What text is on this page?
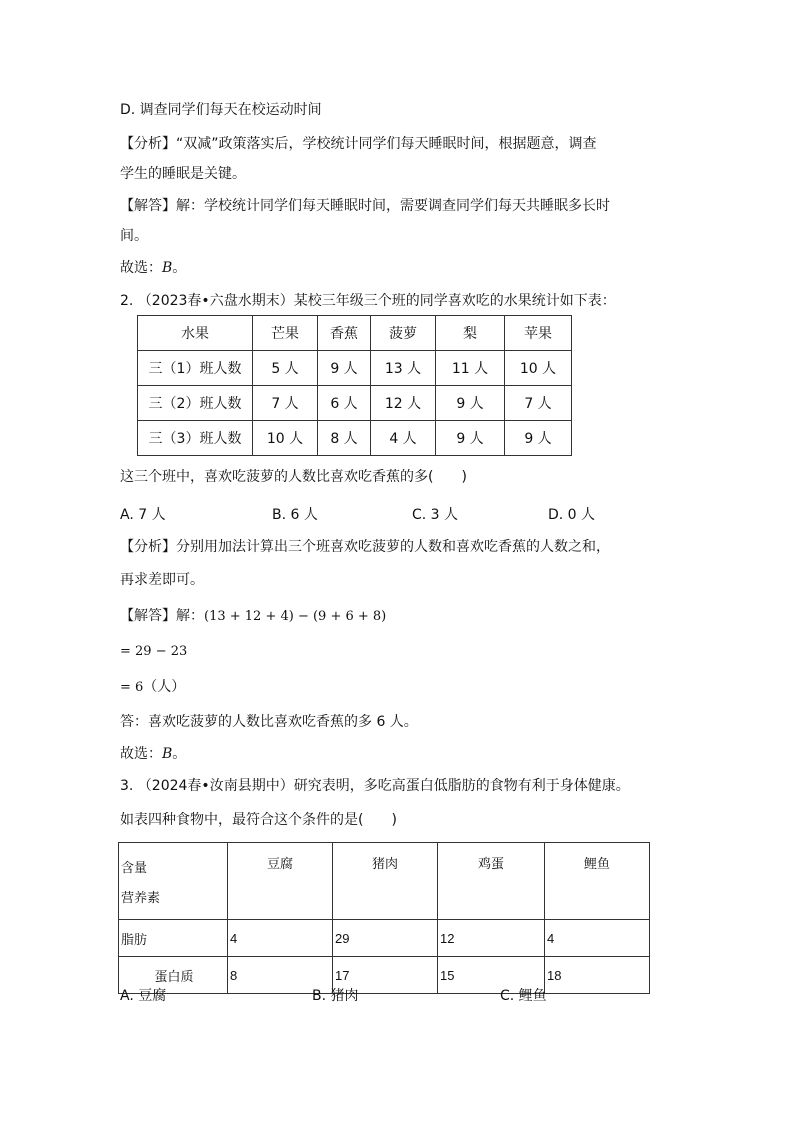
D. 调查同学们每天在校运动时间
【分析】“双减”政策落实后，学校统计同学们每天睡眠时间，根据题意，调查
学生的睡眠是关键。
【解答】解：学校统计同学们每天睡眠时间，需要调查同学们每天共睡眠多长时
间。
故选：B。
2. （2023春•六盘水期末）某校三年级三个班的同学喜欢吃的水果统计如下表：
水果	芒果	香蕉	菠萝	梨	苹果
三（1）班人数	5 人	9 人	13 人	11 人	10 人
三（2）班人数	7 人	6 人	12 人	9 人	7 人
三（3）班人数	10 人	8 人	4 人	9 人	9 人
这三个班中，喜欢吃菠萝的人数比喜欢吃香蕉的多(　　)
A. 7 人	B. 6 人	C. 3 人	D. 0 人
【分析】分别用加法计算出三个班喜欢吃菠萝的人数和喜欢吃香蕉的人数之和，
再求差即可。
【解答】解：(13 + 12 + 4) − (9 + 6 + 8)
= 29 − 23
= 6（人）
答：喜欢吃菠萝的人数比喜欢吃香蕉的多 6 人。
故选：B。
3. （2024春•汝南县期中）研究表明，多吃高蛋白低脂肪的食物有利于身体健康。
如表四种食物中，最符合这个条件的是(　　)
含量
营养素	豆腐	猪肉	鸡蛋	鲤鱼
脂肪	4	29	12	4
蛋白质	8	17	15	18
A. 豆腐	B. 猪肉	C. 鲤鱼
